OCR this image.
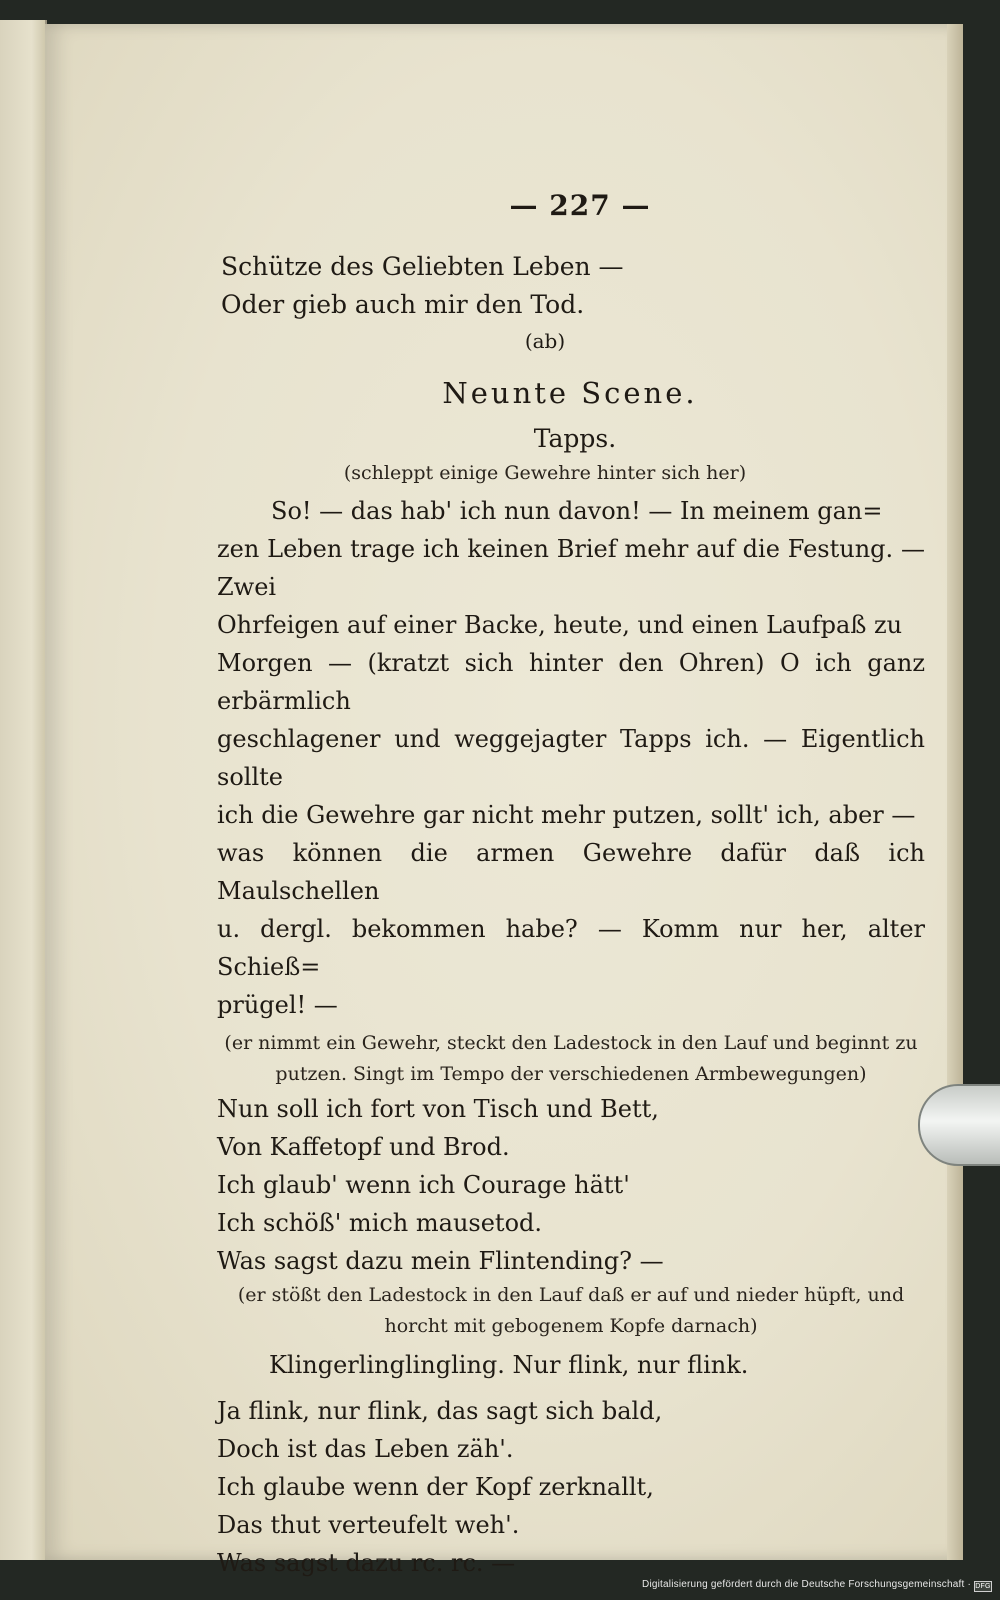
— 227 —
Schütze des Geliebten Leben —
Oder gieb auch mir den Tod.
(ab)
Neunte Scene.
Tapps.
(schleppt einige Gewehre hinter sich her)
So! — das hab' ich nun davon! — In meinem gan=
zen Leben trage ich keinen Brief mehr auf die Festung. — Zwei
Ohrfeigen auf einer Backe, heute, und einen Laufpaß zu
Morgen — (kratzt sich hinter den Ohren) O ich ganz erbärmlich
geschlagener und weggejagter Tapps ich. — Eigentlich sollte
ich die Gewehre gar nicht mehr putzen, sollt' ich, aber —
was können die armen Gewehre dafür daß ich Maulschellen
u. dergl. bekommen habe? — Komm nur her, alter Schieß=
prügel! —
(er nimmt ein Gewehr, steckt den Ladestock in den Lauf und beginnt zu putzen. Singt im Tempo der verschiedenen Armbewegungen)
Nun soll ich fort von Tisch und Bett,
Von Kaffetopf und Brod.
Ich glaub' wenn ich Courage hätt'
Ich schöß' mich mausetod.
Was sagst dazu mein Flintending? —
(er stößt den Ladestock in den Lauf daß er auf und nieder hüpft, und horcht mit gebogenem Kopfe darnach)
Klingerlinglingling. Nur flink, nur flink.
Ja flink, nur flink, das sagt sich bald,
Doch ist das Leben zäh'.
Ich glaube wenn der Kopf zerknallt,
Das thut verteufelt weh'.
Was sagst dazu rc. rc. —
Digitalisierung gefördert durch die Deutsche Forschungsgemeinschaft · DFG
